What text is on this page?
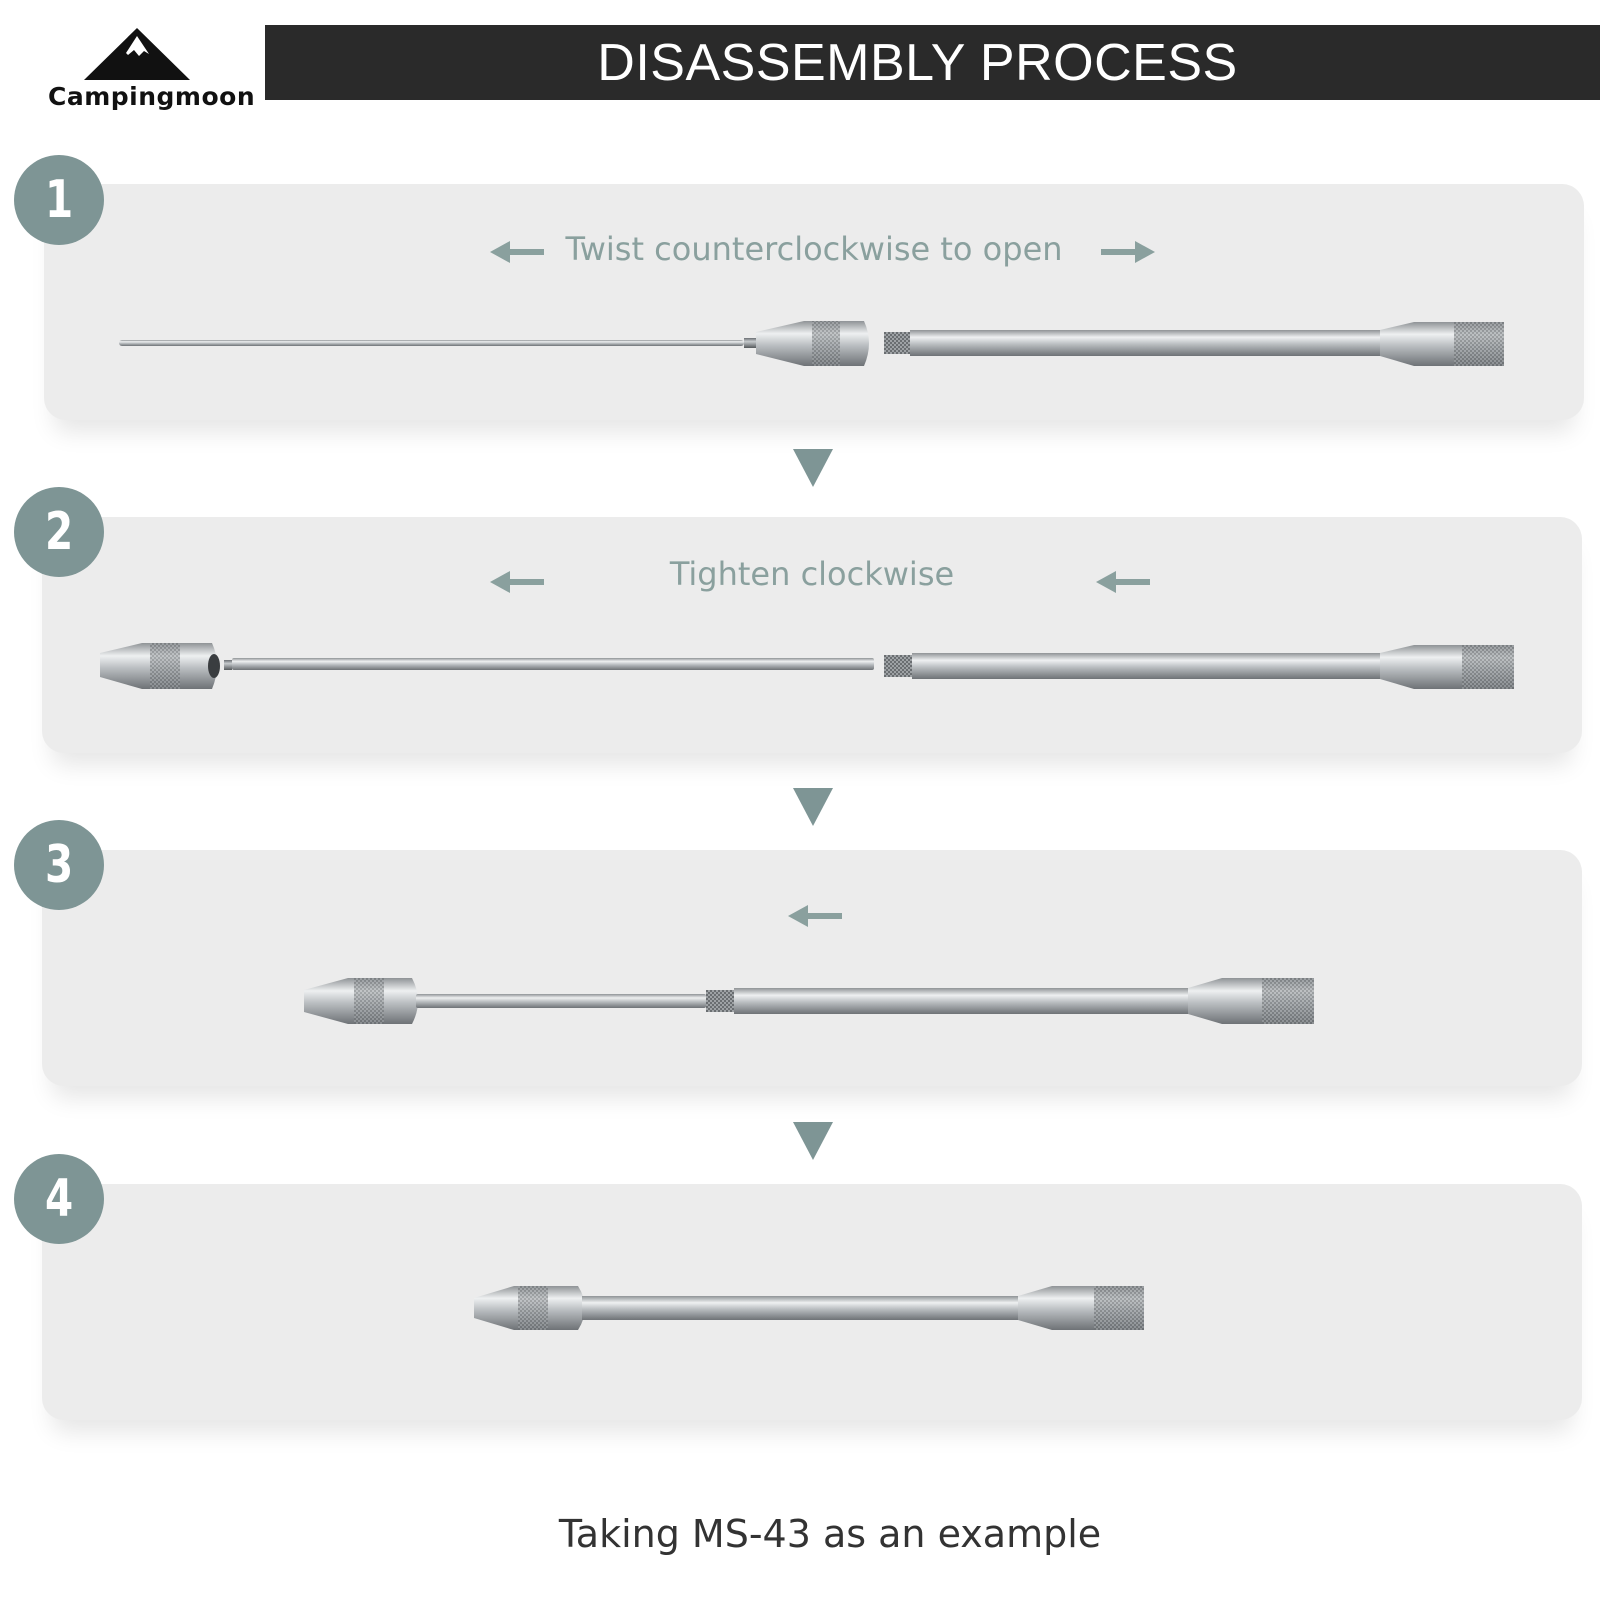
Campingmoon
DISASSEMBLY PROCESS
1
Twist counterclockwise to open
2
Tighten clockwise
3
4
Taking MS-43 as an example
